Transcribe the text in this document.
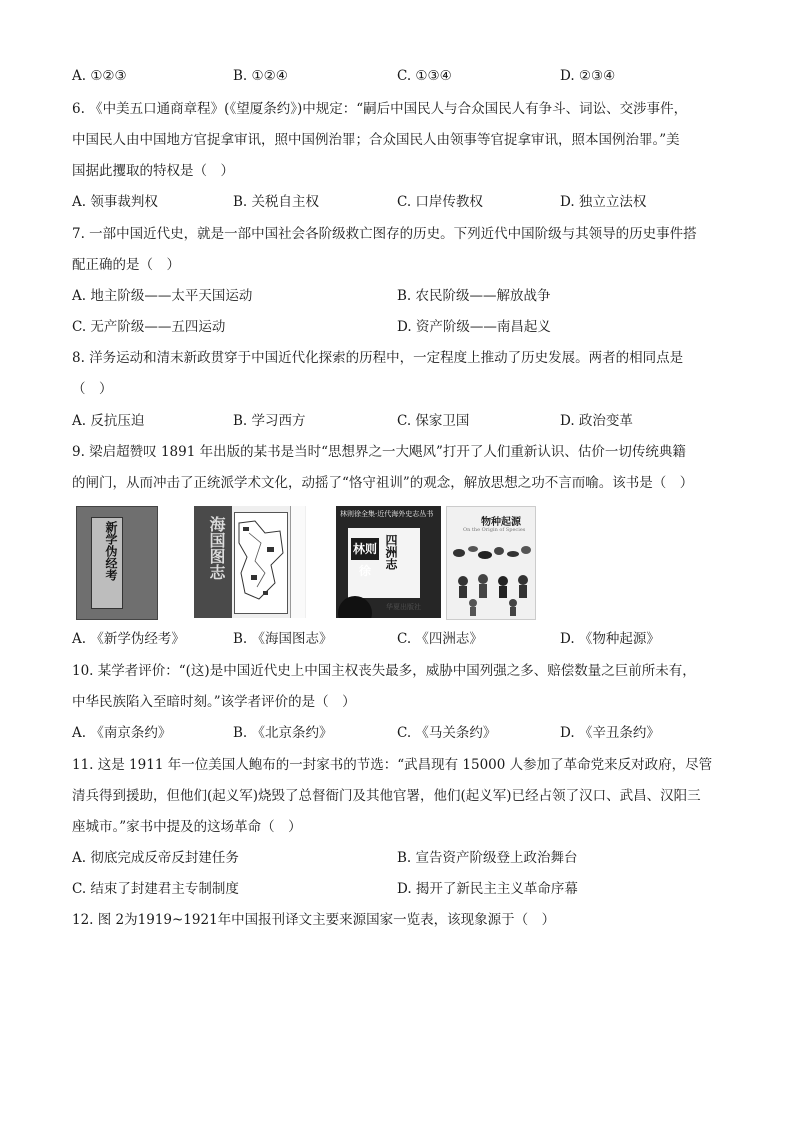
A. ①②③	B. ①②④	C. ①③④	D. ②③④
6. 《中美五口通商章程》(《望厦条约》)中规定：“嗣后中国民人与合众国民人有争斗、词讼、交涉事件，
中国民人由中国地方官捉拿审讯，照中国例治罪；合众国民人由领事等官捉拿审讯，照本国例治罪。”美
国据此攫取的特权是（　）
A. 领事裁判权	B. 关税自主权	C. 口岸传教权	D. 独立立法权
7. 一部中国近代史，就是一部中国社会各阶级救亡图存的历史。下列近代中国阶级与其领导的历史事件搭
配正确的是（　）
A. 地主阶级——太平天国运动	B. 农民阶级——解放战争
C. 无产阶级——五四运动	D. 资产阶级——南昌起义
8. 洋务运动和清末新政贯穿于中国近代化探索的历程中，一定程度上推动了历史发展。两者的相同点是
（　）
A. 反抗压迫	B. 学习西方	C. 保家卫国	D. 政治变革
9. 梁启超赞叹 1891 年出版的某书是当时“思想界之一大飓风”打开了人们重新认识、估价一切传统典籍
的闸门，从而冲击了正统派学术文化，动摇了“恪守祖训”的观念，解放思想之功不言而喻。该书是（　）
新学伪经考	海国图志
林则徐全集·近代海外史志丛书
林则徐
四洲志
华夏出版社
物种起源
On the Origin of Species
A. 《新学伪经考》	B. 《海国图志》	C. 《四洲志》	D. 《物种起源》
10. 某学者评价：“(这)是中国近代史上中国主权丧失最多，威胁中国列强之多、赔偿数量之巨前所未有，
中华民族陷入至暗时刻。”该学者评价的是（　）
A. 《南京条约》	B. 《北京条约》	C. 《马关条约》	D. 《辛丑条约》
11. 这是 1911 年一位美国人鲍布的一封家书的节选：“武昌现有 15000 人参加了革命党来反对政府，尽管
清兵得到援助，但他们(起义军)烧毁了总督衙门及其他官署，他们(起义军)已经占领了汉口、武昌、汉阳三
座城市。”家书中提及的这场革命（　）
A. 彻底完成反帝反封建任务	B. 宣告资产阶级登上政治舞台
C. 结束了封建君主专制制度	D. 揭开了新民主主义革命序幕
12. 图 2为1919~1921年中国报刊译文主要来源国家一览表，该现象源于（　）
